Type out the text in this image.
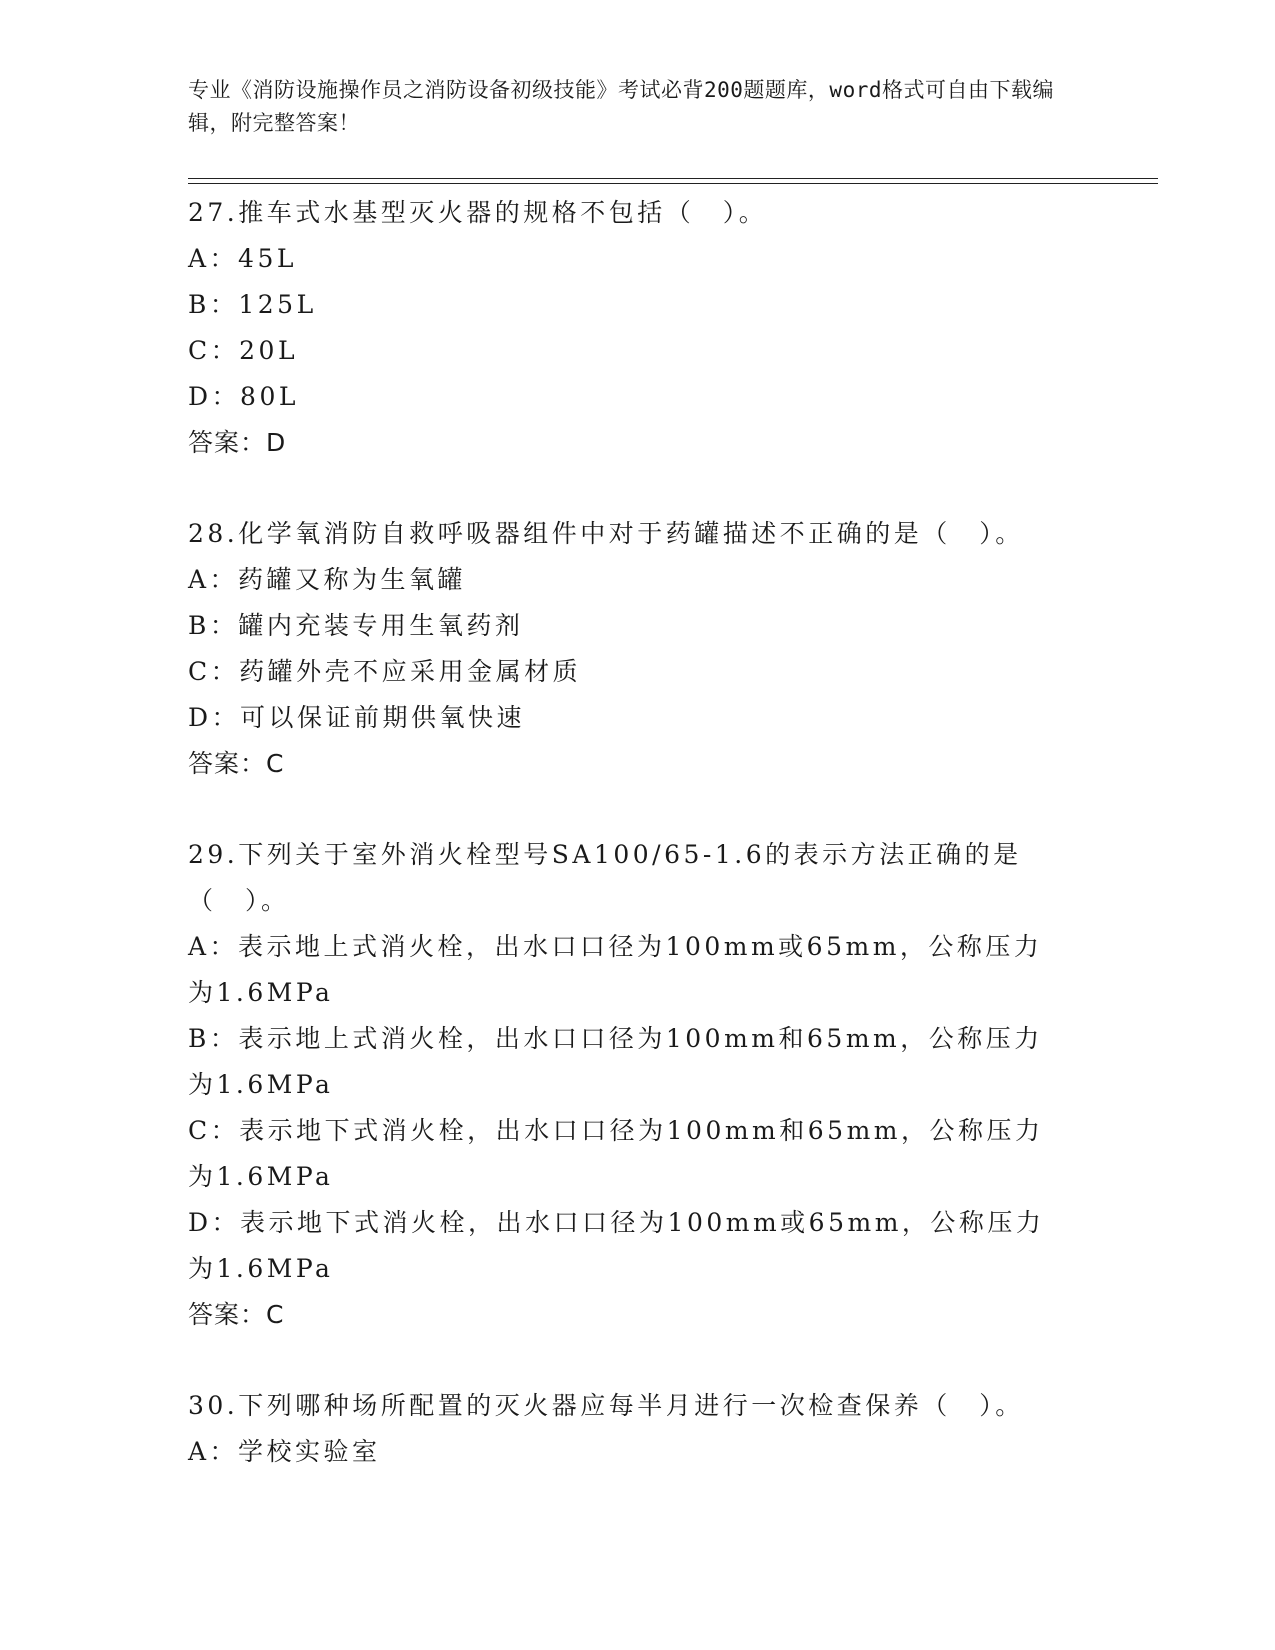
专业《消防设施操作员之消防设备初级技能》考试必背200题题库，word格式可自由下载编辑，附完整答案！
27.推车式水基型灭火器的规格不包括（　）。
A：45L
B：125L
C：20L
D：80L
答案：D
28.化学氧消防自救呼吸器组件中对于药罐描述不正确的是（　）。
A：药罐又称为生氧罐
B：罐内充装专用生氧药剂
C：药罐外壳不应采用金属材质
D：可以保证前期供氧快速
答案：C
29.下列关于室外消火栓型号SA100/65-1.6的表示方法正确的是（　）。
A：表示地上式消火栓，出水口口径为100mm或65mm，公称压力为1.6MPa
B：表示地上式消火栓，出水口口径为100mm和65mm，公称压力为1.6MPa
C：表示地下式消火栓，出水口口径为100mm和65mm，公称压力为1.6MPa
D：表示地下式消火栓，出水口口径为100mm或65mm，公称压力为1.6MPa
答案：C
30.下列哪种场所配置的灭火器应每半月进行一次检查保养（　）。
A：学校实验室
